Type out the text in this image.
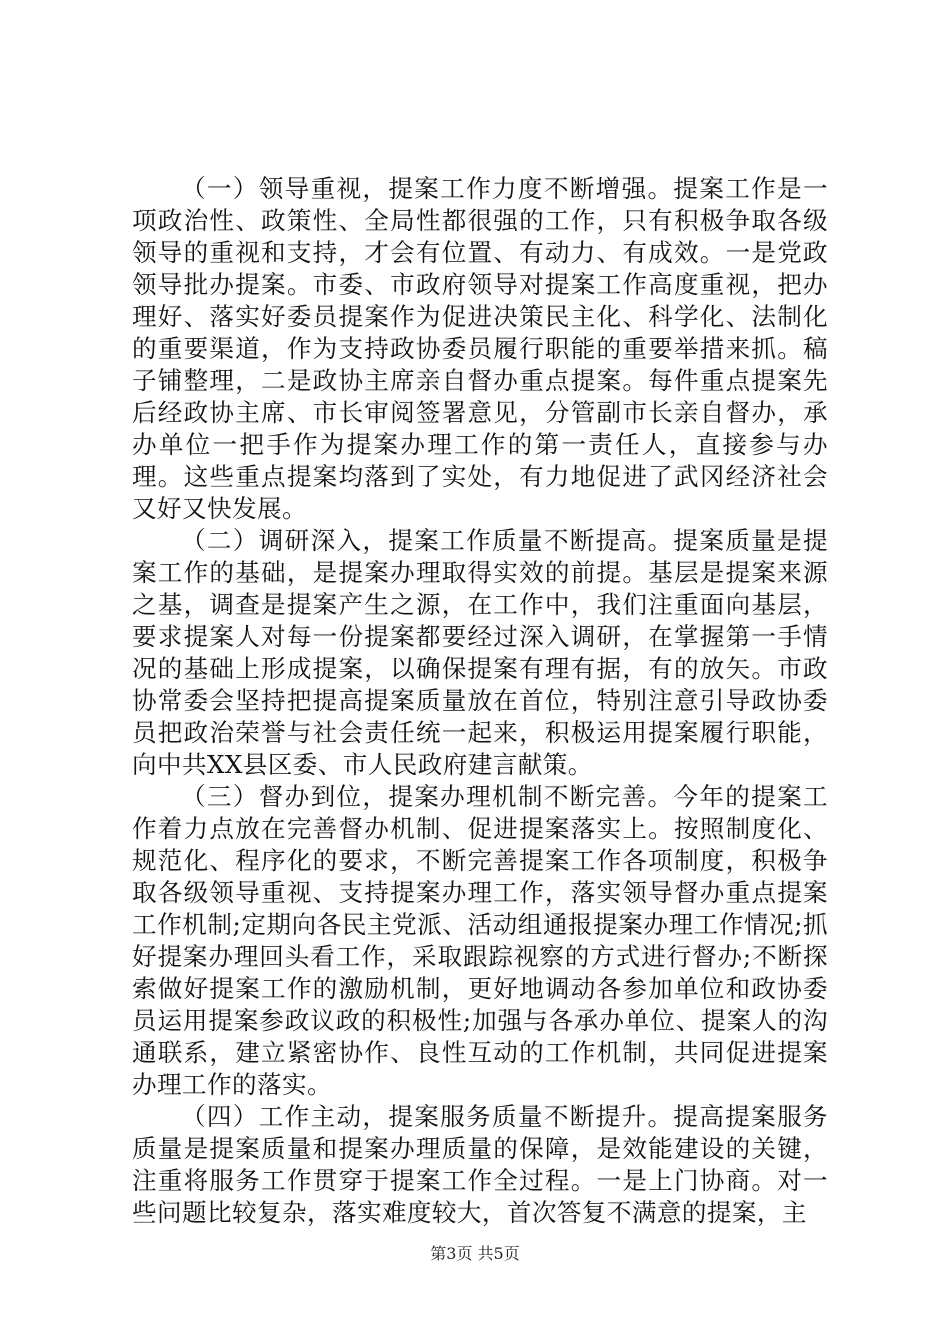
（一）领导重视，提案工作力度不断增强。提案工作是一项政治性、政策性、全局性都很强的工作，只有积极争取各级领导的重视和支持，才会有位置、有动力、有成效。一是党政领导批办提案。市委、市政府领导对提案工作高度重视，把办理好、落实好委员提案作为促进决策民主化、科学化、法制化的重要渠道，作为支持政协委员履行职能的重要举措来抓。稿子铺整理，二是政协主席亲自督办重点提案。每件重点提案先后经政协主席、市长审阅签署意见，分管副市长亲自督办，承办单位一把手作为提案办理工作的第一责任人，直接参与办理。这些重点提案均落到了实处，有力地促进了武冈经济社会又好又快发展。

（二）调研深入，提案工作质量不断提高。提案质量是提案工作的基础，是提案办理取得实效的前提。基层是提案来源之基，调查是提案产生之源，在工作中，我们注重面向基层，要求提案人对每一份提案都要经过深入调研，在掌握第一手情况的基础上形成提案，以确保提案有理有据，有的放矢。市政协常委会坚持把提高提案质量放在首位，特别注意引导政协委员把政治荣誉与社会责任统一起来，积极运用提案履行职能，向中共XX县区委、市人民政府建言献策。

（三）督办到位，提案办理机制不断完善。今年的提案工作着力点放在完善督办机制、促进提案落实上。按照制度化、规范化、程序化的要求，不断完善提案工作各项制度，积极争取各级领导重视、支持提案办理工作，落实领导督办重点提案工作机制;定期向各民主党派、活动组通报提案办理工作情况;抓好提案办理回头看工作，采取跟踪视察的方式进行督办;不断探索做好提案工作的激励机制，更好地调动各参加单位和政协委员运用提案参政议政的积极性;加强与各承办单位、提案人的沟通联系，建立紧密协作、良性互动的工作机制，共同促进提案办理工作的落实。

（四）工作主动，提案服务质量不断提升。提高提案服务质量是提案质量和提案办理质量的保障，是效能建设的关键，注重将服务工作贯穿于提案工作全过程。一是上门协商。对一些问题比较复杂，落实难度较大，首次答复不满意的提案，主

第3页 共5页
